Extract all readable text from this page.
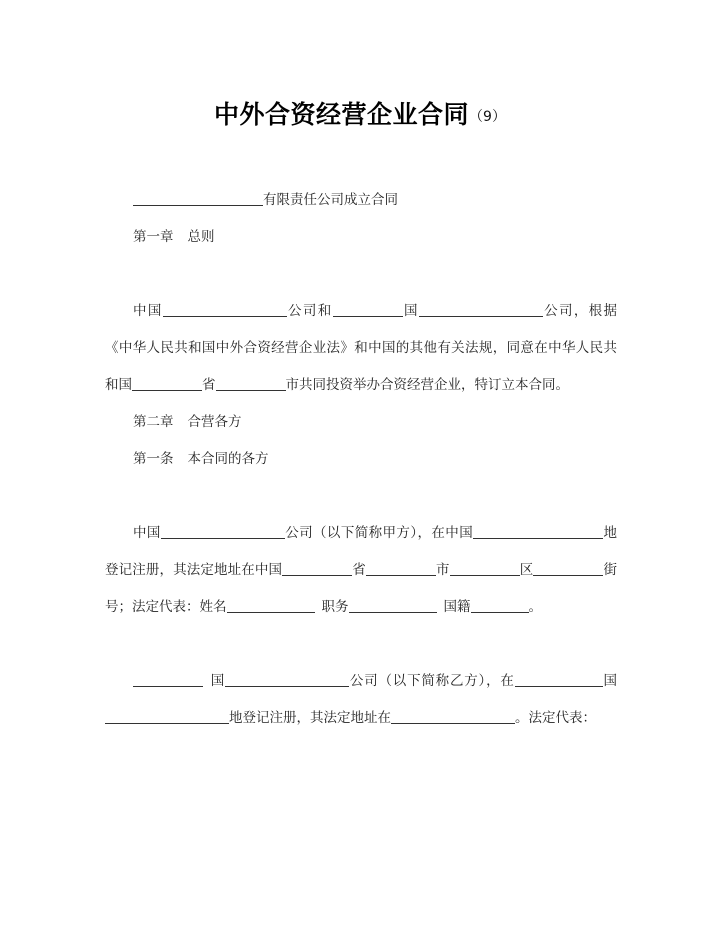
中外合资经营企业合同（9）

有限责任公司成立合同

第一章 总则

中国	公司和	国	公司，根据《中华人民共和国中外合资经营企业法》和中国的其他有关法规，同意在中华人民共和国	省	市共同投资举办合资经营企业，特订立本合同。

第二章 合营各方

第一条 本合同的各方

中国	公司（以下简称甲方），在中国	地登记注册，其法定地址在中国	省	市	区	街号；法定代表：姓名	职务	国籍	。

国	公司（以下简称乙方），在	国地登记注册，其法定地址在	。法定代表：
